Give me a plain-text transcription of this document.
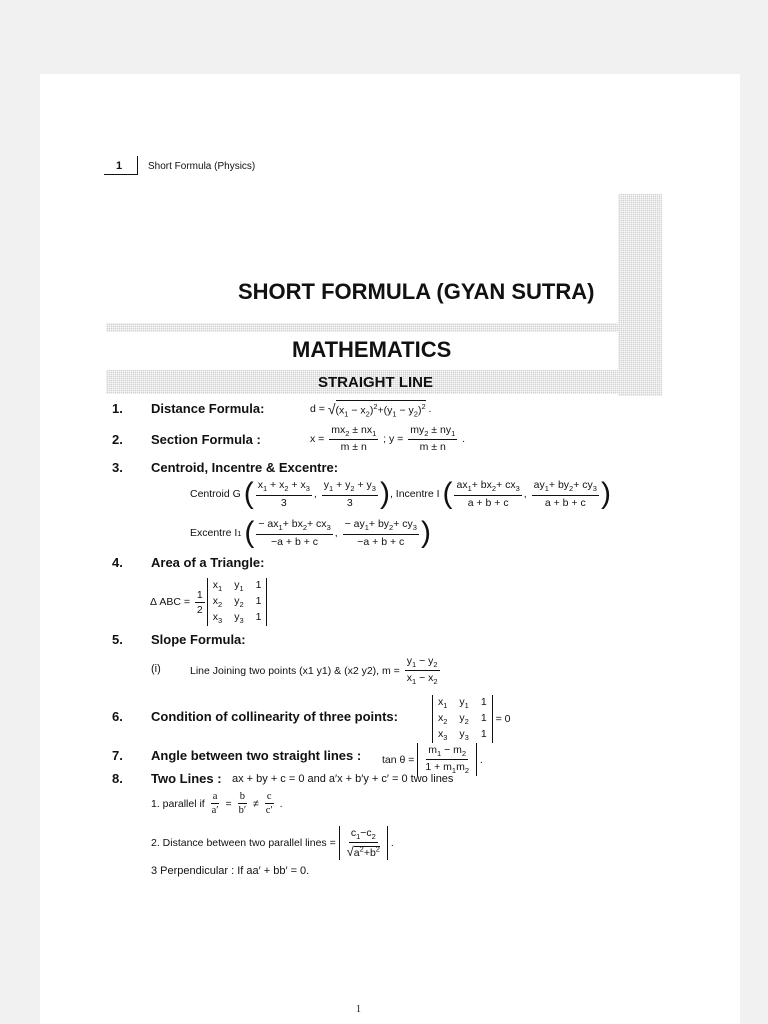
1	Short Formula (Physics)
SHORT FORMULA (GYAN SUTRA)
MATHEMATICS
STRAIGHT LINE
1. Distance Formula:	d = √ $(x_1 - x_2)^2+(y_1 - y_2)^2$ .
2. Section Formula :	$x = \frac{mx_2 \pm nx_1}{m \pm n}$ ; $y = \frac{my_2 \pm ny_1}{m \pm n}$ .
3. Centroid, Incentre & Excentre:
Centroid G
( $\frac{x_1 + x_2 + x_3}{3}$ , $\frac{y_1 + y_2 + y_3}{3}$ ) , Incentre I
( $\frac{ax_1+ bx_2+ cx_3}{a + b + c}$ , $\frac{ay_1+ by_2+ cy_3}{a + b + c}$ )
Excentre I 1
( $\frac{- ax_1+ bx_2+ cx_3}{-a + b + c}$ , $\frac{- ay_1+ by_2+ cy_3}{-a + b + c}$ )
4. Area of a Triangle:
Δ ABC = $\frac{1}{2}$
$x_1$ $y_1$ 1
$x_2$ $y_2$ 1
$x_3$ $y_3$ 1
5. Slope Formula:
(i)	Line Joining two points (x1 y1) & (x2 y2), m =
$\frac{y_1 - y_2}{x_1 - x_2}$
6. Condition of collinearity of three points:
$x_1$ $y_1$ 1
$x_2$ $y_2$ 1
$x_3$ $y_3$ 1
= 0
7. Angle between two straight lines : $\tan \theta = \frac{m_1 - m_2}{1 + m_1m_2}$ .
8. Two Lines : ax + by + c = 0 and a′x + b′y + c′ = 0 two lines
1. parallel if
$\frac{a}{a'} = \frac{b}{b'} \ne \frac{c}{c'}$ .
2. Distance between two parallel lines =
$\frac{c_1-c_2}{√a^2+b^2}$ .
3 Perpendicular : If aa′ + bb′ = 0.
1
